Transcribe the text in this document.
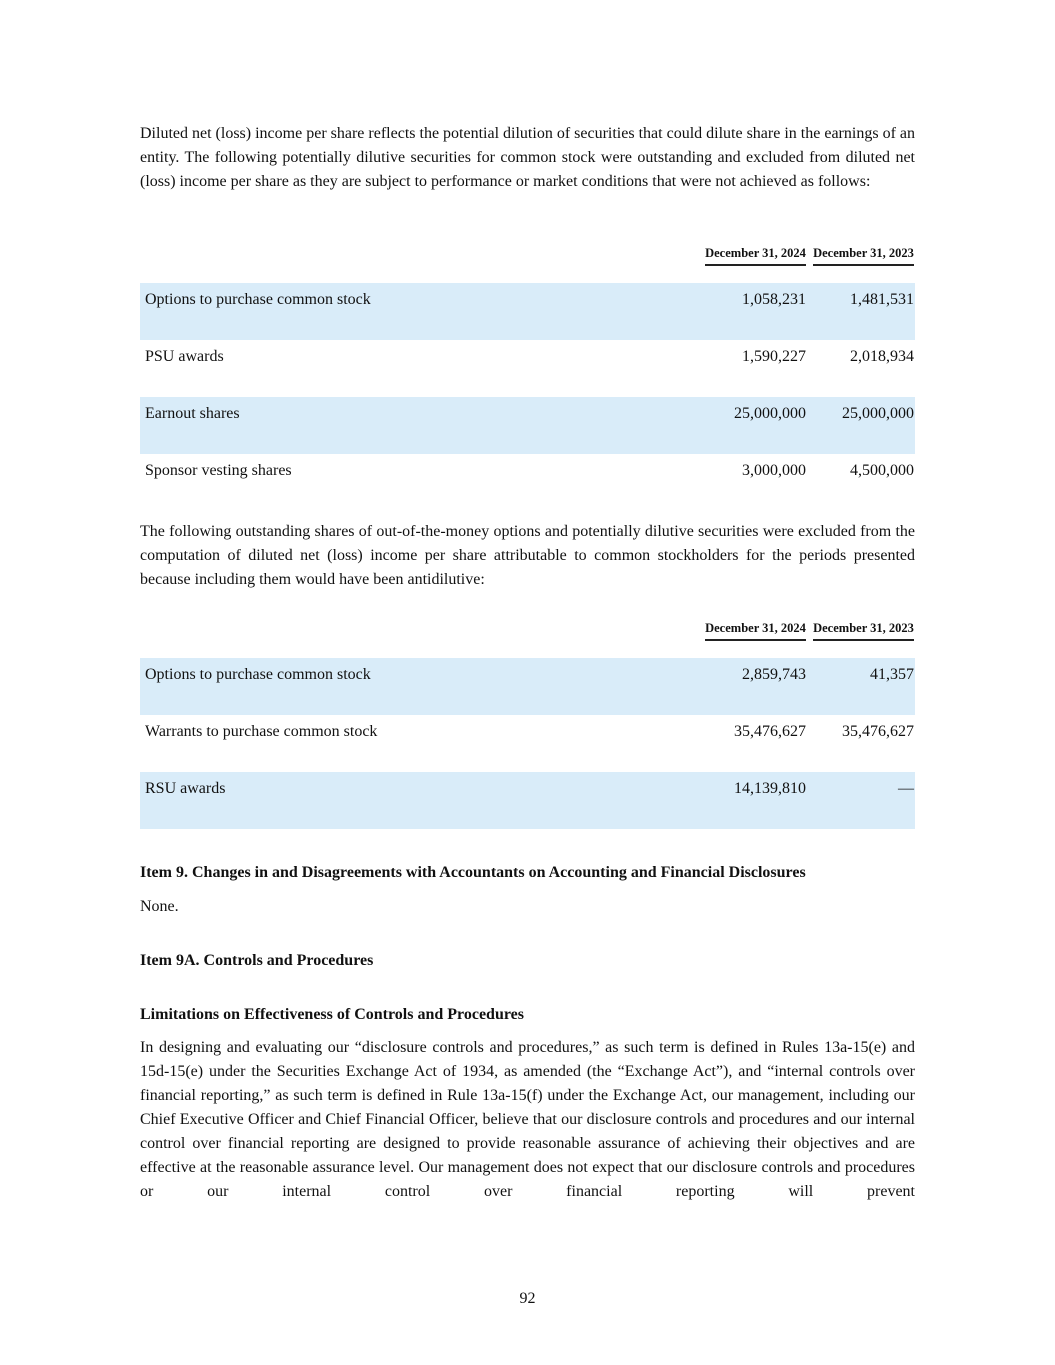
Diluted net (loss) income per share reflects the potential dilution of securities that could dilute share in the earnings of an entity. The following potentially dilutive securities for common stock were outstanding and excluded from diluted net (loss) income per share as they are subject to performance or market conditions that were not achieved as follows:

December 31, 2024 December 31, 2023
Options to purchase common stock	1,058,231	1,481,531
PSU awards	1,590,227	2,018,934
Earnout shares	25,000,000 25,000,000
Sponsor vesting shares	3,000,000	4,500,000

The following outstanding shares of out-of-the-money options and potentially dilutive securities were excluded from the computation of diluted net (loss) income per share attributable to common stockholders for the periods presented because including them would have been antidilutive:

December 31, 2024 December 31, 2023
Options to purchase common stock	2,859,743	41,357
Warrants to purchase common stock	35,476,627 35,476,627
RSU awards	14,139,810	—
Item 9. Changes in and Disagreements with Accountants on Accounting and Financial Disclosures

None.

Item 9A. Controls and Procedures
Limitations on Effectiveness of Controls and Procedures

In designing and evaluating our “disclosure controls and procedures,” as such term is defined in Rules 13a-15(e) and 15d-15(e) under the Securities Exchange Act of 1934, as amended (the “Exchange Act”), and “internal controls over financial reporting,” as such term is defined in Rule 13a-15(f) under the Exchange Act, our management, including our Chief Executive Officer and Chief Financial Officer, believe that our disclosure controls and procedures and our internal control over financial reporting are designed to provide reasonable assurance of achieving their objectives and are effective at the reasonable assurance level. Our management does not expect that our disclosure controls and procedures or our internal control over financial reporting will prevent

92
